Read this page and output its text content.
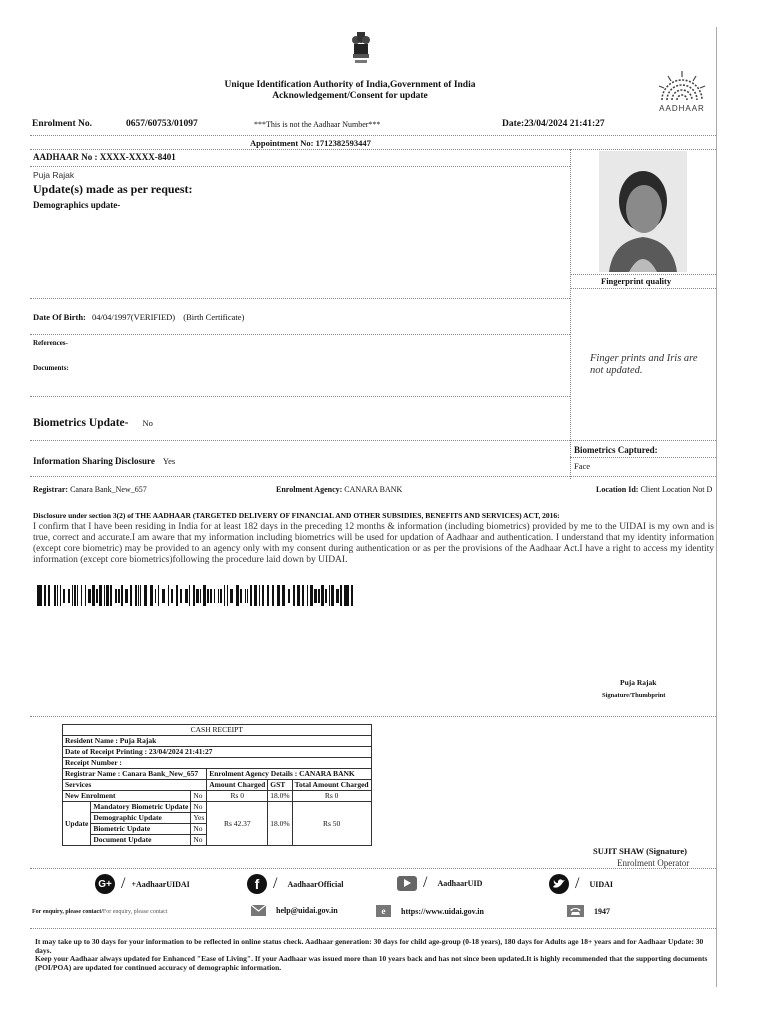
Unique Identification Authority of India,Government of India
Acknowledgement/Consent for update
AADHAAR
Enrolment No.	0657/60753/01097	***This is not the Aadhaar Number***	Date:23/04/2024 21:41:27
Appointment No: 1712382593447
AADHAAR No : XXXX-XXXX-8401
Puja Rajak
Update(s) made as per request:
Demographics update-
Fingerprint quality
Finger prints and Iris are not updated.
Date Of Birth: 04/04/1997(VERIFIED) (Birth Certificate)
References-
Documents:
Biometrics Update- No
Information Sharing Disclosure Yes
Biometrics Captured:
Face
Registrar: Canara Bank_New_657	Enrolment Agency: CANARA BANK	Location Id: Client Location Not D
Disclosure under section 3(2) of THE AADHAAR (TARGETED DELIVERY OF FINANCIAL AND OTHER SUBSIDIES, BENEFITS AND SERVICES) ACT, 2016:
I confirm that I have been residing in India for at least 182 days in the preceding 12 months & information (including biometrics) provided by me to the UIDAI is my own and is true, correct and accurate.I am aware that my information including biometrics will be used for updation of Aadhaar and authentication. I understand that my identity information (except core biometric) may be provided to an agency only with my consent during authentication or as per the provisions of the Aadhaar Act.I have a right to access my identity information (except core biometrics)following the procedure laid down by UIDAI.
Puja Rajak
Signature/Thumbprint
CASH RECEIPT					
Resident Name : Puja Rajak					
Date of Receipt Printing : 23/04/2024 21:41:27					
Receipt Number :					
Registrar Name : Canara Bank_New_657			Enrolment Agency Details : CANARA BANK		
Services			Amount Charged	GST	Total Amount Charged
New Enrolment		No	Rs 0	18.0%	Rs 0
Update	Mandatory Biometric Update	No	Rs 42.37	18.0%	Rs 50
	Demographic Update	Yes			
	Biometric Update	No			
	Document Update	No			
SUJIT SHAW (Signature)
Enrolment Operator
G+ / +AadhaarUIDAI	f / AadhaarOfficial	/ AadhaarUID	/ UIDAI
For enquiry, please contact/For enquiry, please contact	help@uidai.gov.in	e	https://www.uidai.gov.in	1947
It may take up to 30 days for your information to be reflected in online status check. Aadhaar generation: 30 days for child age-group (0-18 years), 180 days for Adults age 18+ years and for Aadhaar Update: 30 days.
Keep your Aadhaar always updated for Enhanced "Ease of Living". If your Aadhaar was issued more than 10 years back and has not since been updated.It is highly recommended that the supporting documents (POI/POA) are updated for continued accuracy of demographic information.
